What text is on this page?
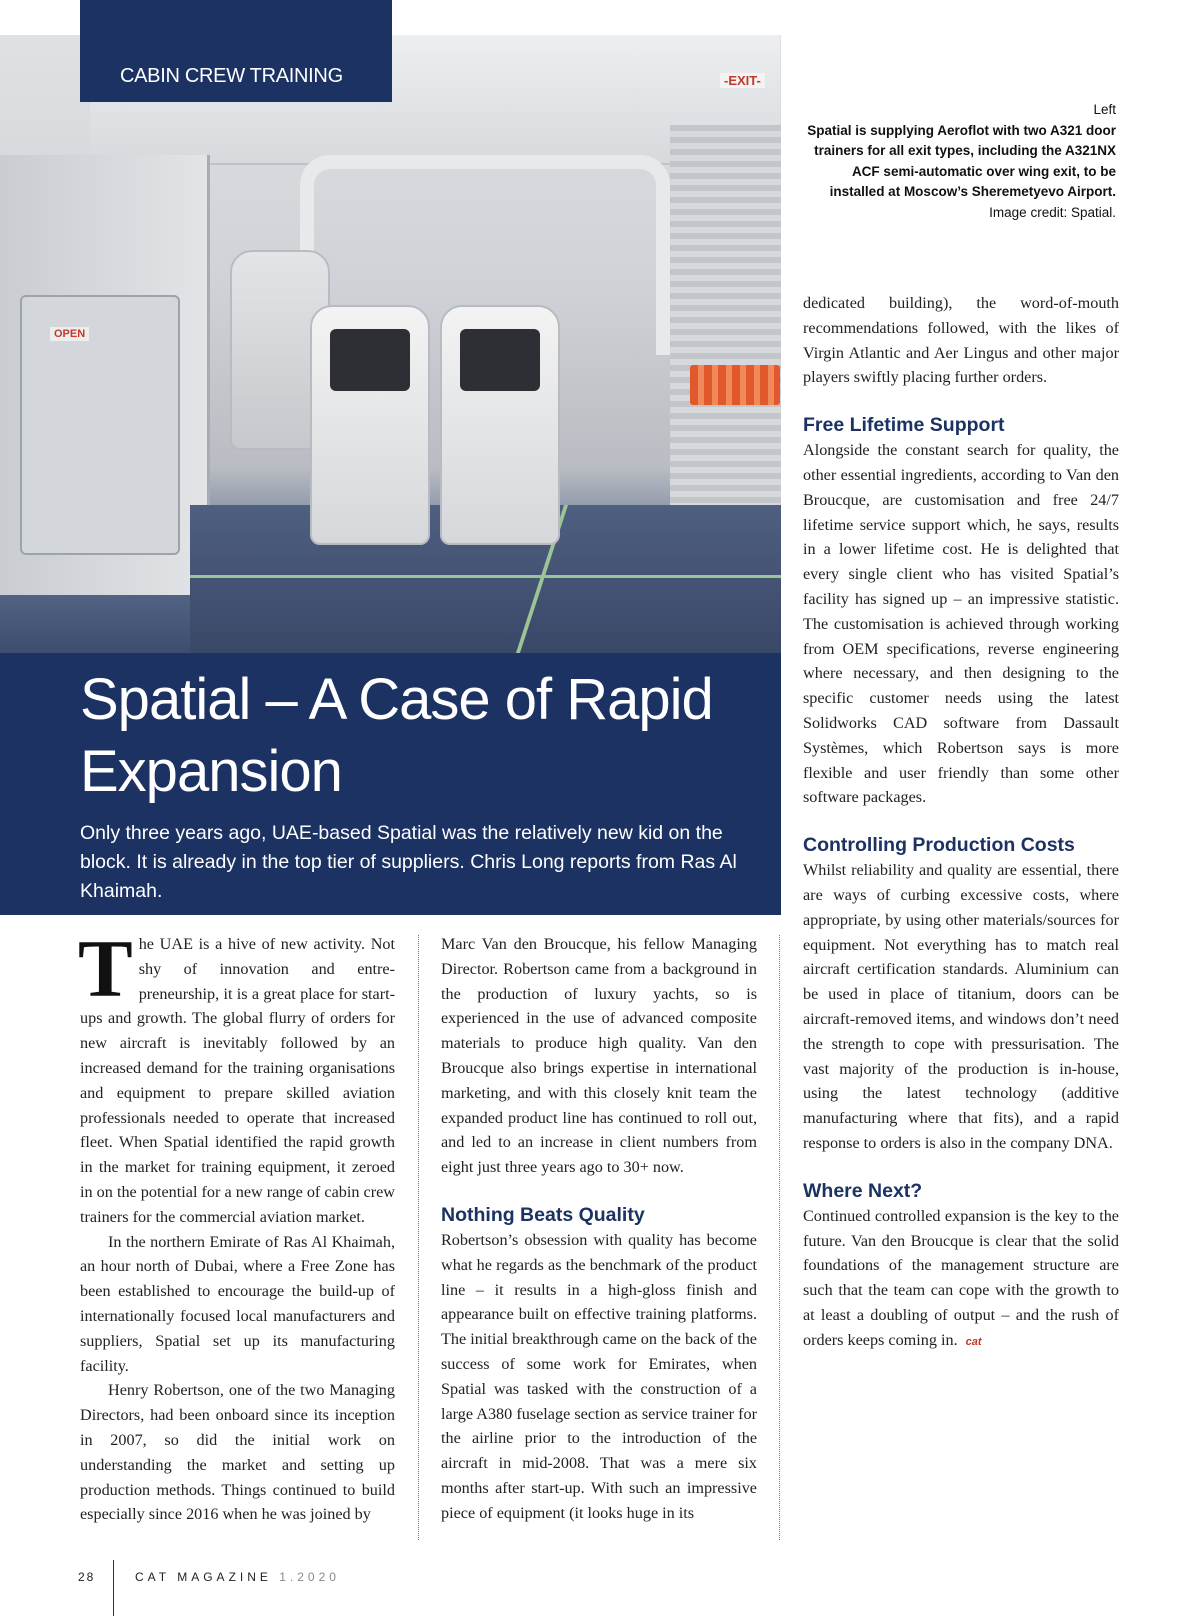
OPEN
-EXIT-
CABIN CREW TRAINING
Left
Spatial is supplying Aeroflot with two A321 door trainers for all exit types, including the A321NX ACF semi-automatic over wing exit, to be installed at Moscow’s Sheremetyevo Airport.
Image credit: Spatial.
Spatial – A Case of Rapid Expansion

Only three years ago, UAE-based Spatial was the relatively new kid on the block. It is already in the top tier of suppliers. Chris Long reports from Ras Al Khaimah.

The UAE is a hive of new activity. Not shy of innovation and entrepreneurship, it is a great place for start-ups and growth. The global flurry of orders for new aircraft is inevitably followed by an increased demand for the training organisations and equipment to prepare skilled aviation professionals needed to operate that increased fleet. When Spatial identified the rapid growth in the market for training equipment, it zeroed in on the potential for a new range of cabin crew trainers for the commercial aviation market.

In the northern Emirate of Ras Al Khaimah, an hour north of Dubai, where a Free Zone has been established to encourage the build-up of internationally focused local manufacturers and suppliers, Spatial set up its manufacturing facility.

Henry Robertson, one of the two Managing Directors, had been onboard since its inception in 2007, so did the initial work on understanding the market and setting up production methods. Things continued to build especially since 2016 when he was joined by

Marc Van den Broucque, his fellow Managing Director. Robertson came from a background in the production of luxury yachts, so is experienced in the use of advanced composite materials to produce high quality. Van den Broucque also brings expertise in international marketing, and with this closely knit team the expanded product line has continued to roll out, and led to an increase in client numbers from eight just three years ago to 30+ now.

Nothing Beats Quality

Robertson’s obsession with quality has become what he regards as the benchmark of the product line – it results in a high-gloss finish and appearance built on effective training platforms. The initial breakthrough came on the back of the success of some work for Emirates, when Spatial was tasked with the construction of a large A380 fuselage section as service trainer for the airline prior to the introduction of the aircraft in mid-2008. That was a mere six months after start-up. With such an impressive piece of equipment (it looks huge in its

dedicated building), the word-of-mouth recommendations followed, with the likes of Virgin Atlantic and Aer Lingus and other major players swiftly placing further orders.

Free Lifetime Support

Alongside the constant search for quality, the other essential ingredients, according to Van den Broucque, are customisation and free 24/7 lifetime service support which, he says, results in a lower lifetime cost. He is delighted that every single client who has visited Spatial’s facility has signed up – an impressive statistic. The customisation is achieved through working from OEM specifications, reverse engineering where necessary, and then designing to the specific customer needs using the latest Solidworks CAD software from Dassault Systèmes, which Robertson says is more flexible and user friendly than some other software packages.

Controlling Production Costs

Whilst reliability and quality are essential, there are ways of curbing excessive costs, where appropriate, by using other materials/sources for equipment. Not everything has to match real aircraft certification standards. Aluminium can be used in place of titanium, doors can be aircraft-removed items, and windows don’t need the strength to cope with pressurisation. The vast majority of the production is in-house, using the latest technology (additive manufacturing where that fits), and a rapid response to orders is also in the company DNA.

Where Next?

Continued controlled expansion is the key to the future. Van den Broucque is clear that the solid foundations of the management structure are such that the team can cope with the growth to at least a doubling of output – and the rush of orders keeps coming in. cat

28	CAT MAGAZINE 1.2020
